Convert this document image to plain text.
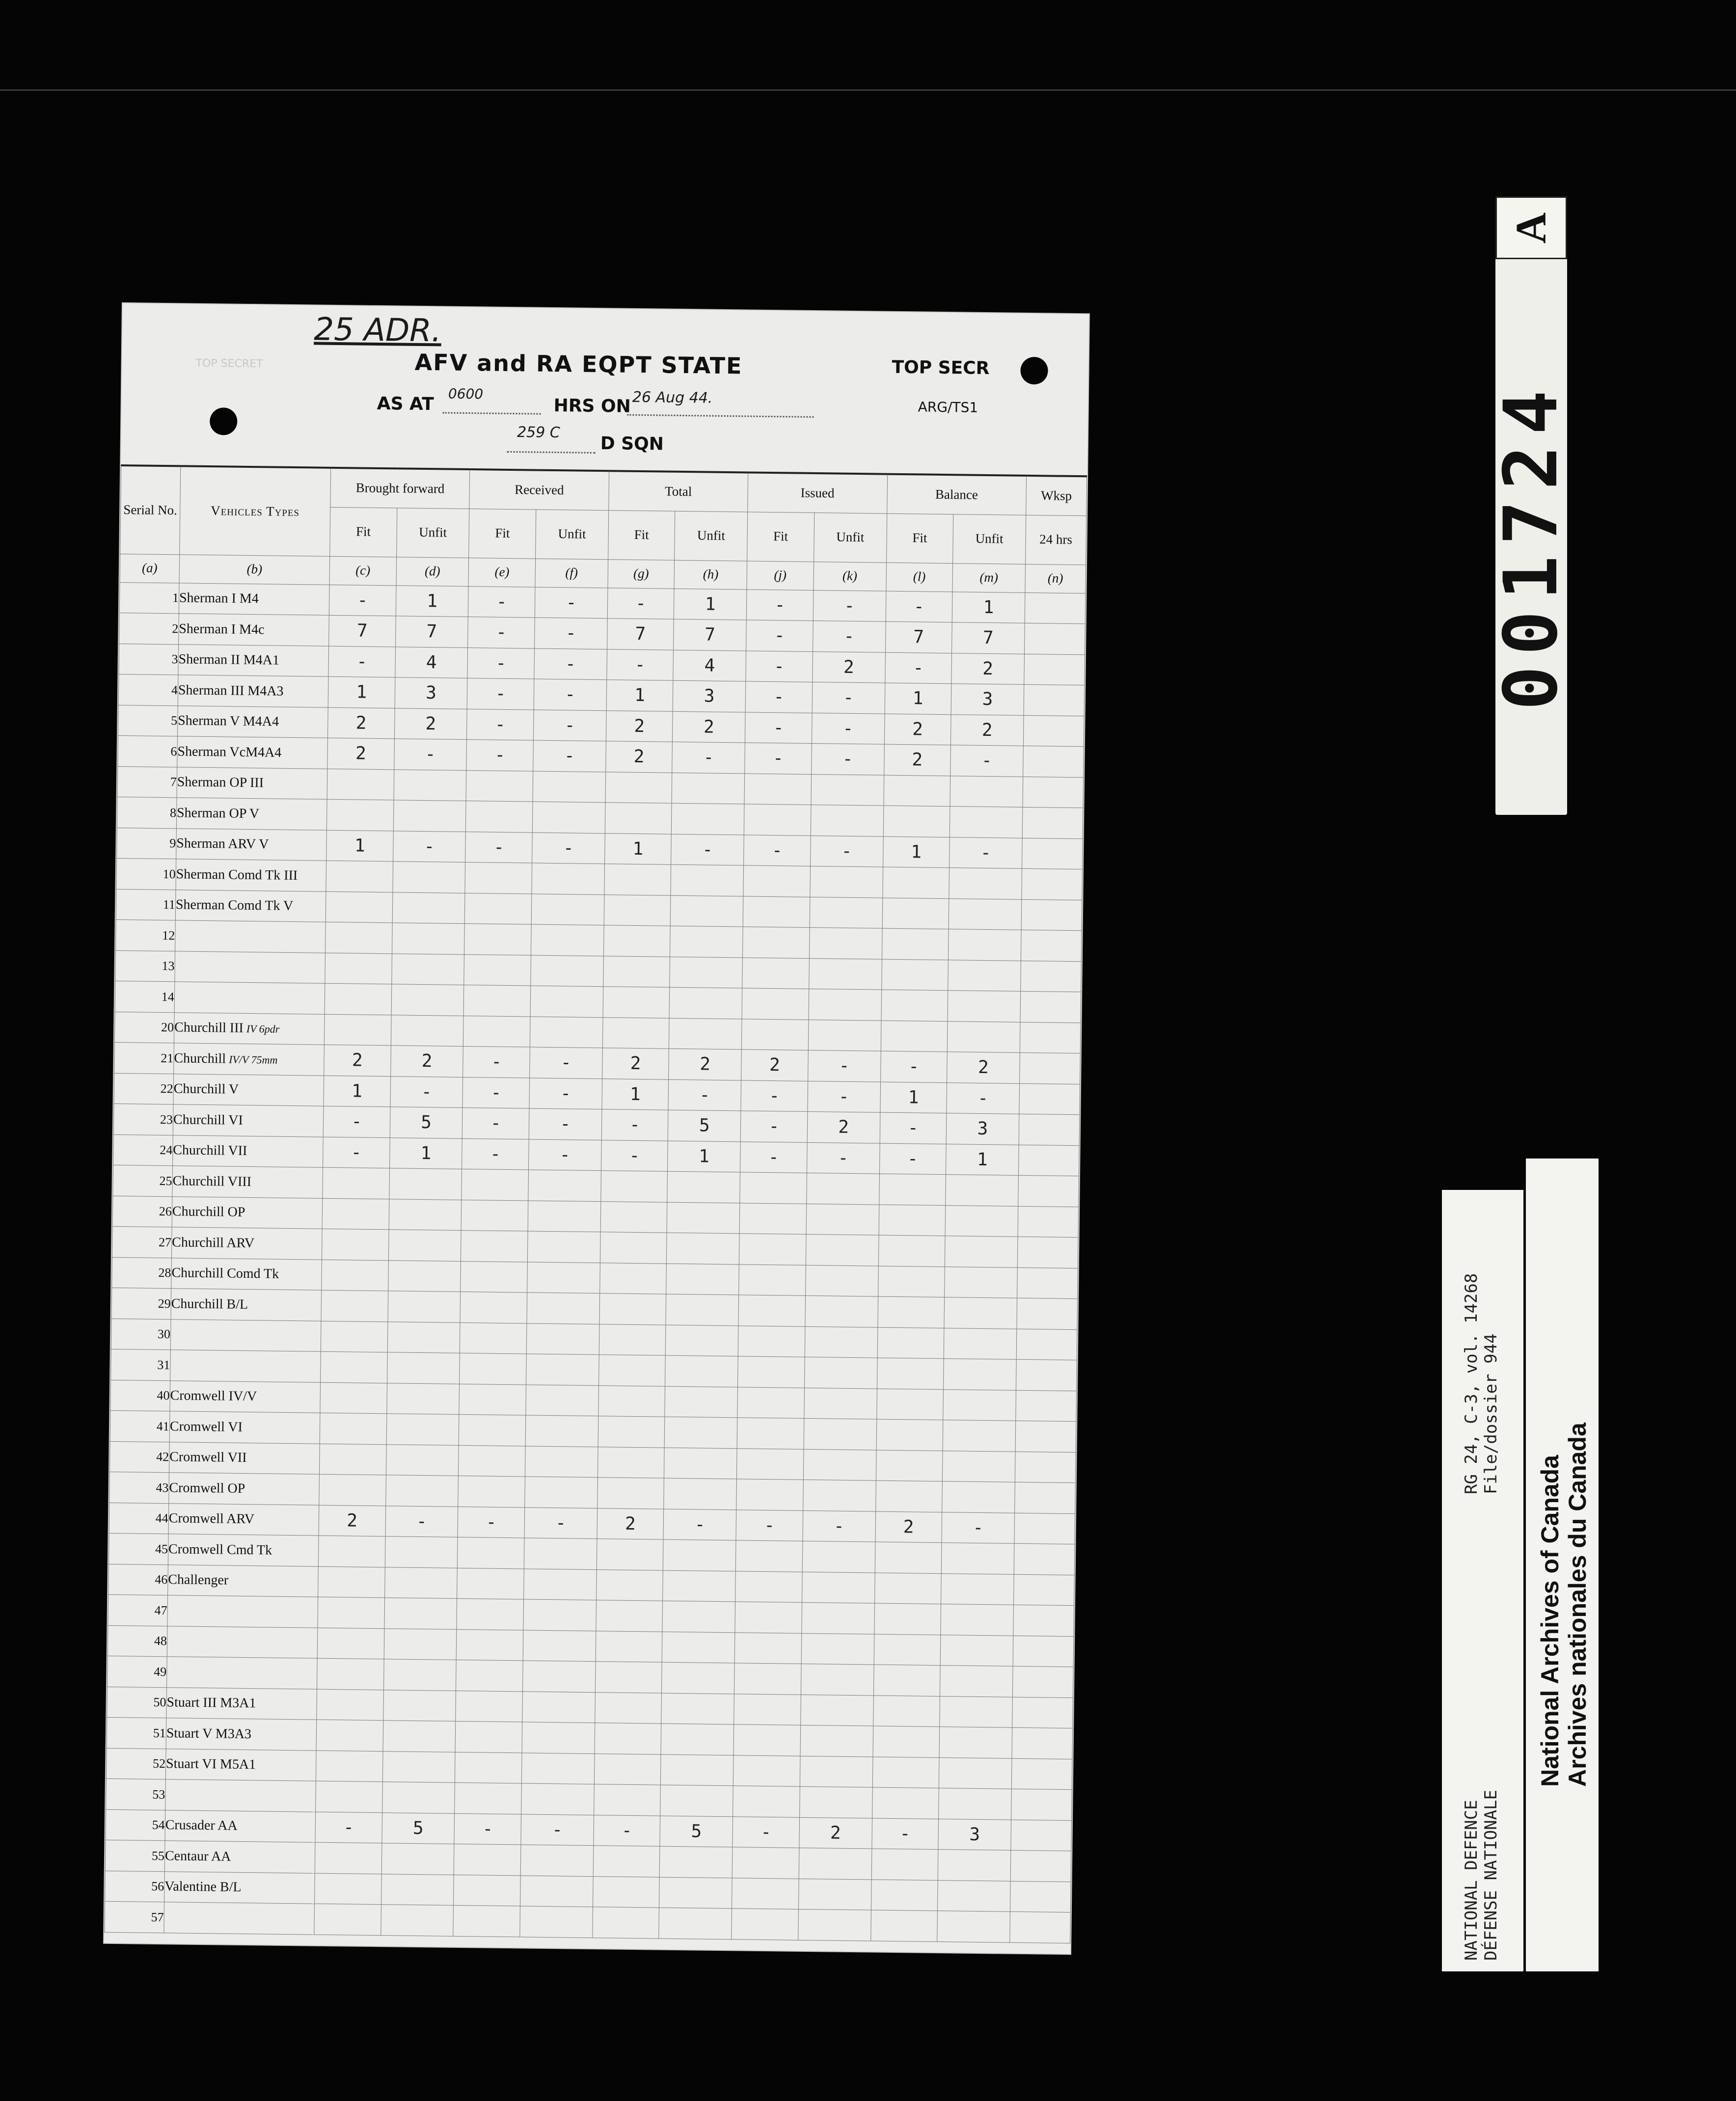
25 ADR.
TOP SECRET	AFV and RA EQPT STATE	TOP SECR
AS AT 0600
HRS ON 26 Aug 44.
ARG/TS1
259 C
D SQN
Serial No.	Vehicles Types	Brought forward		Received		Total		Issued		Balance		Wksp
		Fit	Unfit	Fit	Unfit	Fit	Unfit	Fit	Unfit	Fit	Unfit	24 hrs
(a)	(b)	(c)	(d)	(e)	(f)	(g)	(h)	(j)	(k)	(l)	(m)	(n)
1	Sherman I M4	-	1	-	-	-	1	-	-	-	1	
2	Sherman I M4c	7	7	-	-	7	7	-	-	7	7	
3	Sherman II M4A1	-	4	-	-	-	4	-	2	-	2	
4	Sherman III M4A3	1	3	-	-	1	3	-	-	1	3	
5	Sherman V M4A4	2	2	-	-	2	2	-	-	2	2	
6	Sherman VcM4A4	2	-	-	-	2	-	-	-	2	-	
7	Sherman OP III											
8	Sherman OP V											
9	Sherman ARV V	1	-	-	-	1	-	-	-	1	-	
10	Sherman Comd Tk III											
11	Sherman Comd Tk V											
12												
13												
14												
20	Churchill III IV 6pdr											
21	Churchill IV/V 75mm	2	2	-	-	2	2	2	-	-	2	
22	Churchill V	1	-	-	-	1	-	-	-	1	-	
23	Churchill VI	-	5	-	-	-	5	-	2	-	3	
24	Churchill VII	-	1	-	-	-	1	-	-	-	1	
25	Churchill VIII											
26	Churchill OP											
27	Churchill ARV											
28	Churchill Comd Tk											
29	Churchill B/L											
30												
31												
40	Cromwell IV/V											
41	Cromwell VI											
42	Cromwell VII											
43	Cromwell OP											
44	Cromwell ARV	2	-	-	-	2	-	-	-	2	-	
45	Cromwell Cmd Tk											
46	Challenger											
47												
48												
49												
50	Stuart III M3A1											
51	Stuart V M3A3											
52	Stuart VI M5A1											
53												
54	Crusader AA	-	5	-	-	-	5	-	2	-	3	
55	Centaur AA											
56	Valentine B/L											
57												
A
001724
NATIONAL DEFENCE DÉFENSE NATIONALE
RG 24, C-3, vol. 14268 File/dossier 944
National Archives of Canada Archives nationales du Canada
